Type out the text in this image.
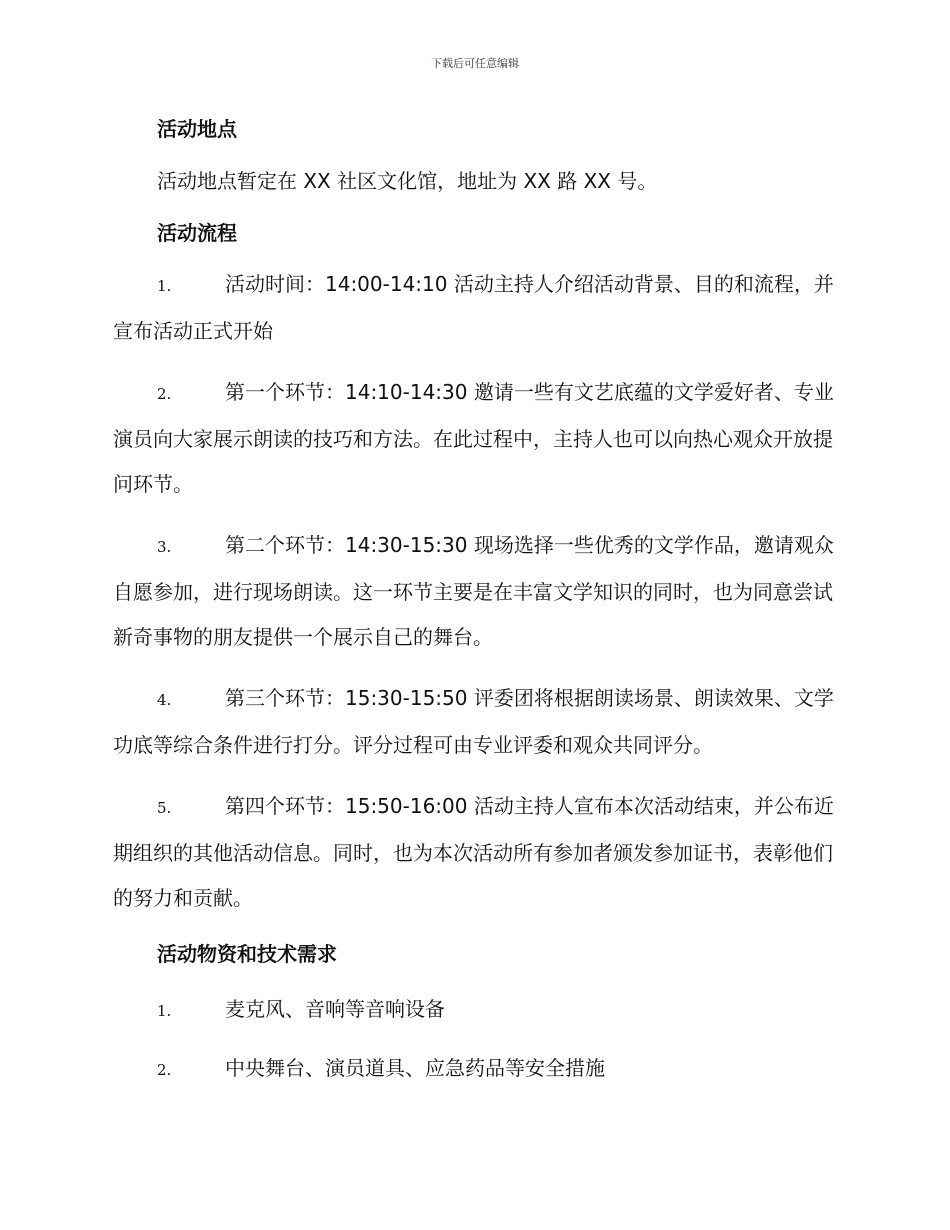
下载后可任意编辑

活动地点

活动地点暂定在 XX 社区文化馆，地址为 XX 路 XX 号。

活动流程

1.	活动时间：14:00-14:10 活动主持人介绍活动背景、目的和流程，并宣布活动正式开始

2.	第一个环节：14:10-14:30 邀请一些有文艺底蕴的文学爱好者、专业演员向大家展示朗读的技巧和方法。在此过程中，主持人也可以向热心观众开放提问环节。

3.	第二个环节：14:30-15:30 现场选择一些优秀的文学作品，邀请观众自愿参加，进行现场朗读。这一环节主要是在丰富文学知识的同时，也为同意尝试新奇事物的朋友提供一个展示自己的舞台。

4.	第三个环节：15:30-15:50 评委团将根据朗读场景、朗读效果、文学功底等综合条件进行打分。评分过程可由专业评委和观众共同评分。

5.	第四个环节：15:50-16:00 活动主持人宣布本次活动结束，并公布近期组织的其他活动信息。同时，也为本次活动所有参加者颁发参加证书，表彰他们的努力和贡献。

活动物资和技术需求

1.	麦克风、音响等音响设备

2.	中央舞台、演员道具、应急药品等安全措施
